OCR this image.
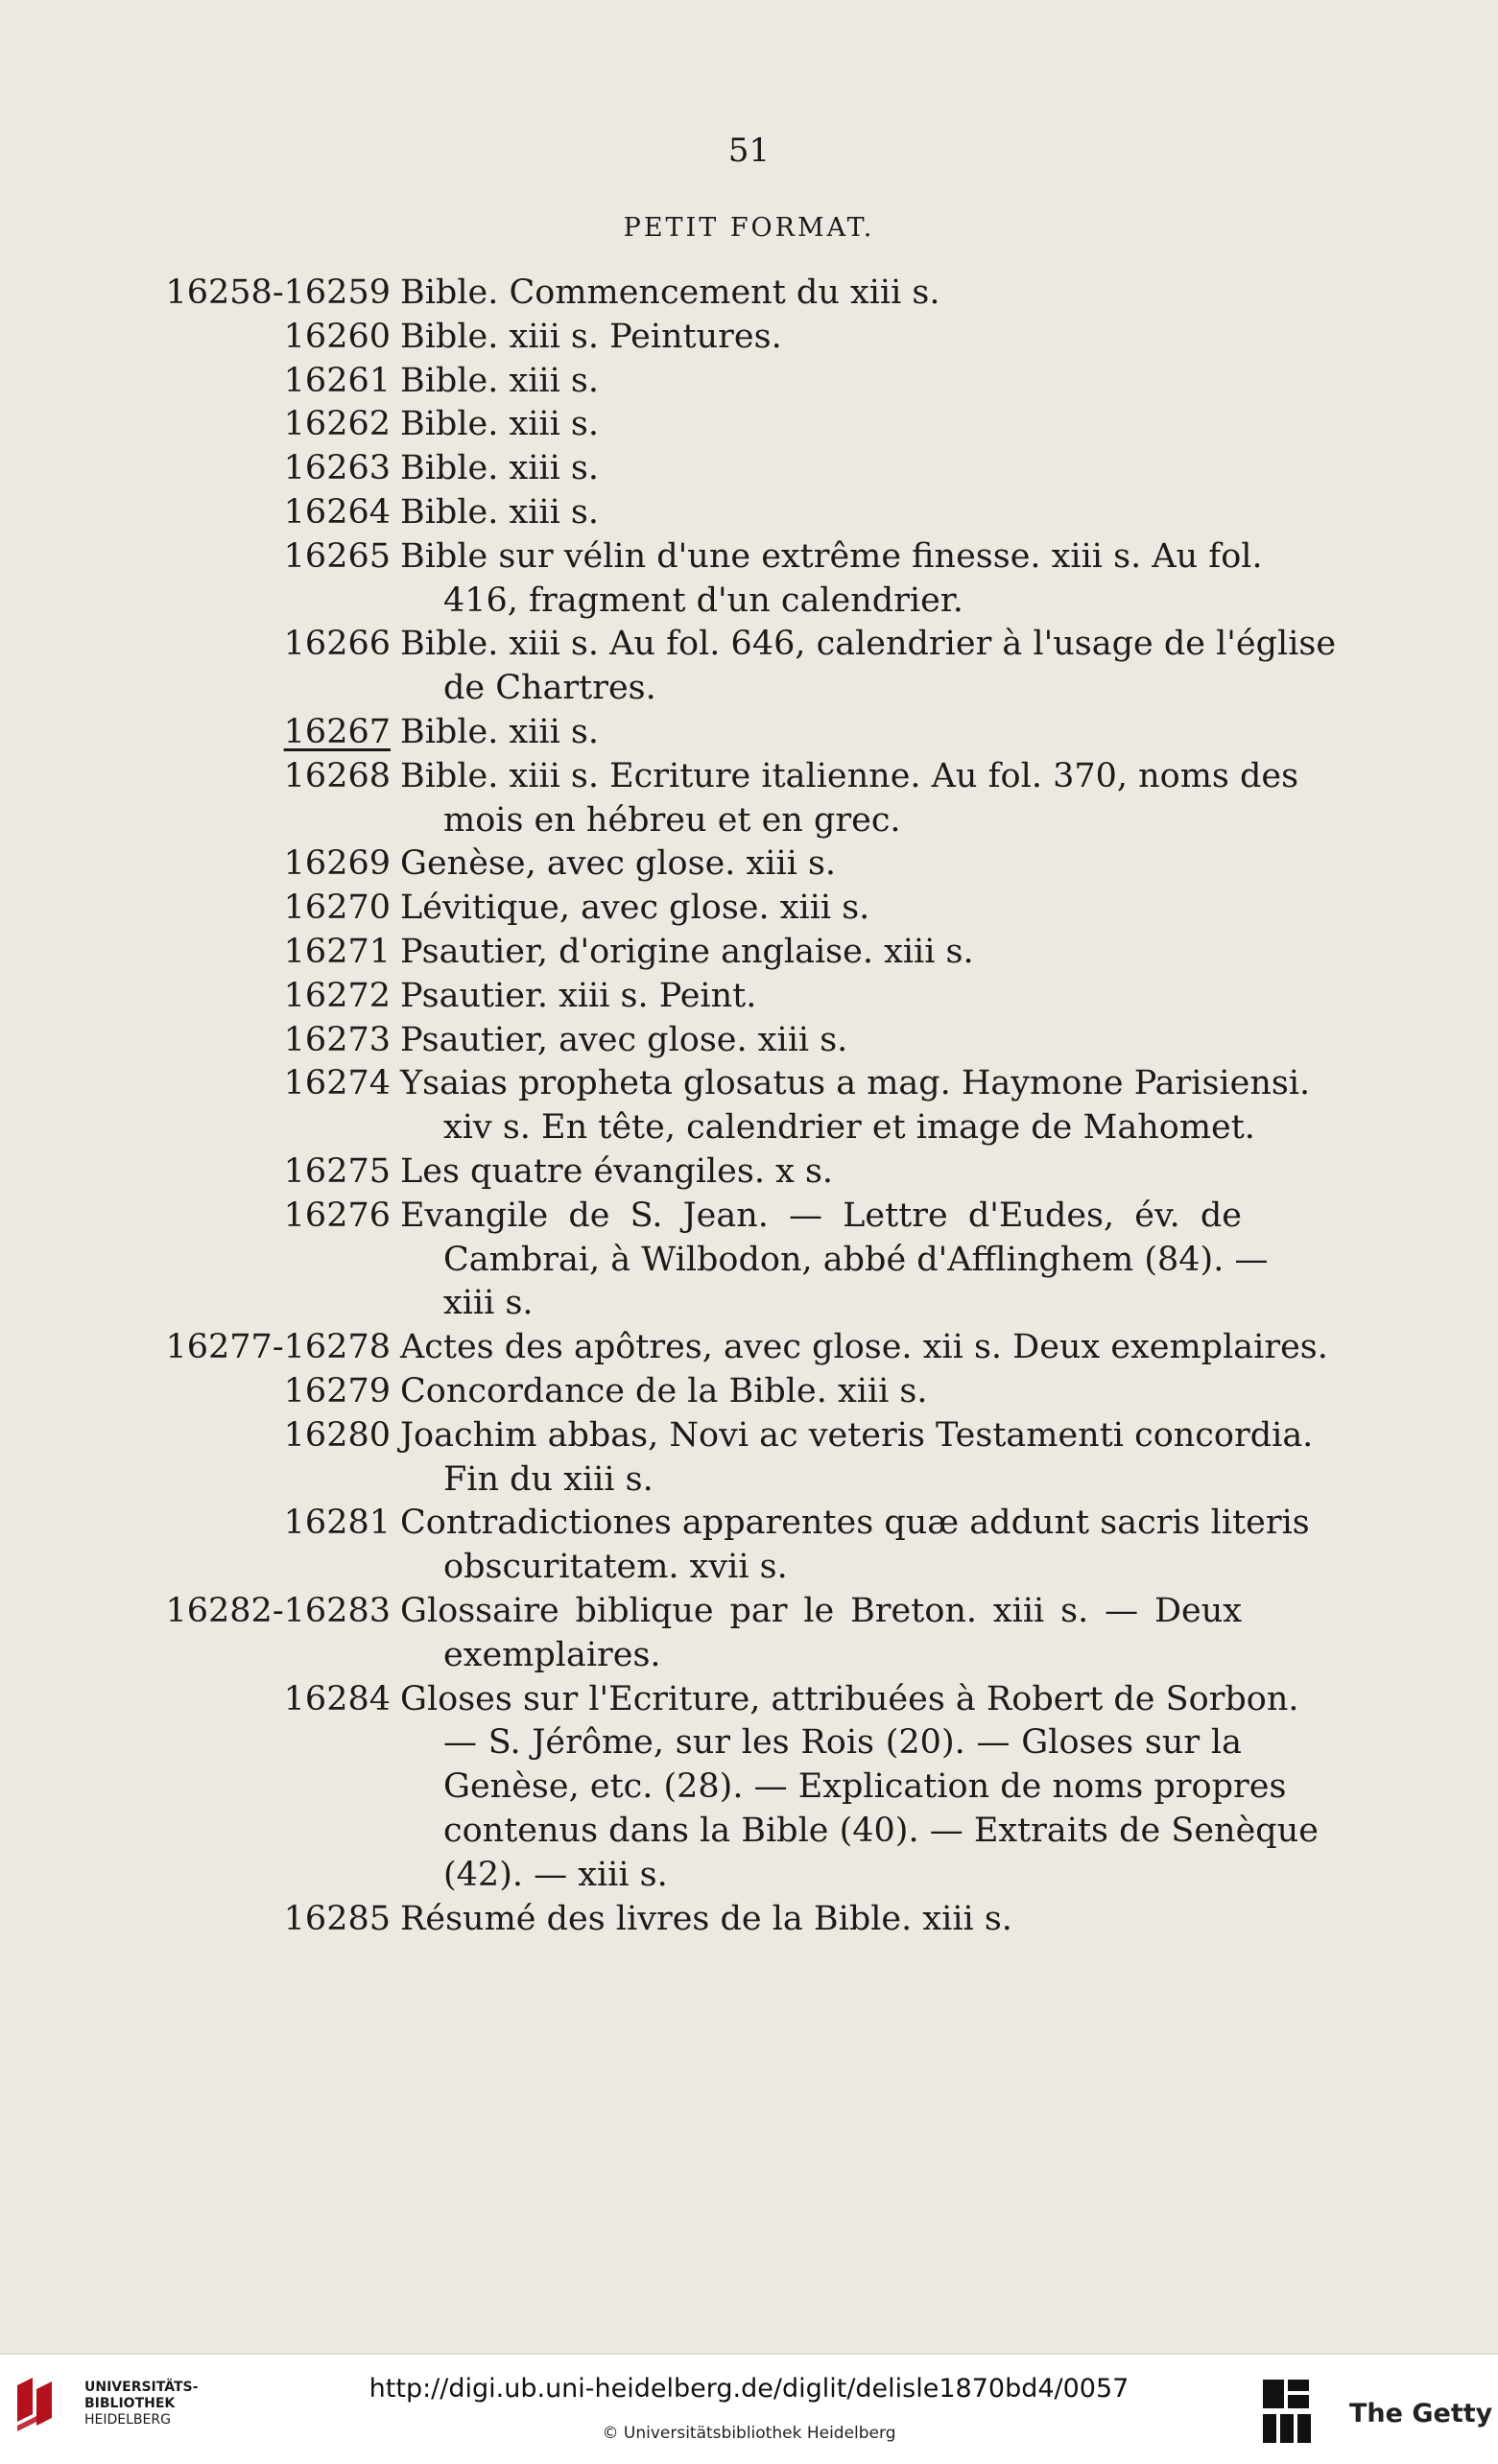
51
PETIT FORMAT.
16258-16259 Bible. Commencement du xiii s.
16260 Bible. xiii s. Peintures.
16261 Bible. xiii s.
16262 Bible. xiii s.
16263 Bible. xiii s.
16264 Bible. xiii s.
16265 Bible sur vélin d'une extrême finesse. xiii s. Au fol.
416, fragment d'un calendrier.
16266 Bible. xiii s. Au fol. 646, calendrier à l'usage de l'église
de Chartres.
16267 Bible. xiii s.
16268 Bible. xiii s. Ecriture italienne. Au fol. 370, noms des
mois en hébreu et en grec.
16269 Genèse, avec glose. xiii s.
16270 Lévitique, avec glose. xiii s.
16271 Psautier, d'origine anglaise. xiii s.
16272 Psautier. xiii s. Peint.
16273 Psautier, avec glose. xiii s.
16274 Ysaias propheta glosatus a mag. Haymone Parisiensi.
xiv s. En tête, calendrier et image de Mahomet.
16275 Les quatre évangiles. x s.
16276 Evangile de S. Jean. — Lettre d'Eudes, év. de
Cambrai, à Wilbodon, abbé d'Afflinghem (84). —
xiii s.
16277-16278 Actes des apôtres, avec glose. xii s. Deux exemplaires.
16279 Concordance de la Bible. xiii s.
16280 Joachim abbas, Novi ac veteris Testamenti concordia.
Fin du xiii s.
16281 Contradictiones apparentes quæ addunt sacris literis
obscuritatem. xvii s.
16282-16283 Glossaire biblique par le Breton. xiii s. — Deux
exemplaires.
16284 Gloses sur l'Ecriture, attribuées à Robert de Sorbon.
— S. Jérôme, sur les Rois (20). — Gloses sur la
Genèse, etc. (28). — Explication de noms propres
contenus dans la Bible (40). — Extraits de Senèque
(42). — xiii s.
16285 Résumé des livres de la Bible. xiii s.
UNIVERSITÄTS-
BIBLIOTHEK
HEIDELBERG
http://digi.ub.uni-heidelberg.de/diglit/delisle1870bd4/0057
© Universitätsbibliothek Heidelberg
The Getty
